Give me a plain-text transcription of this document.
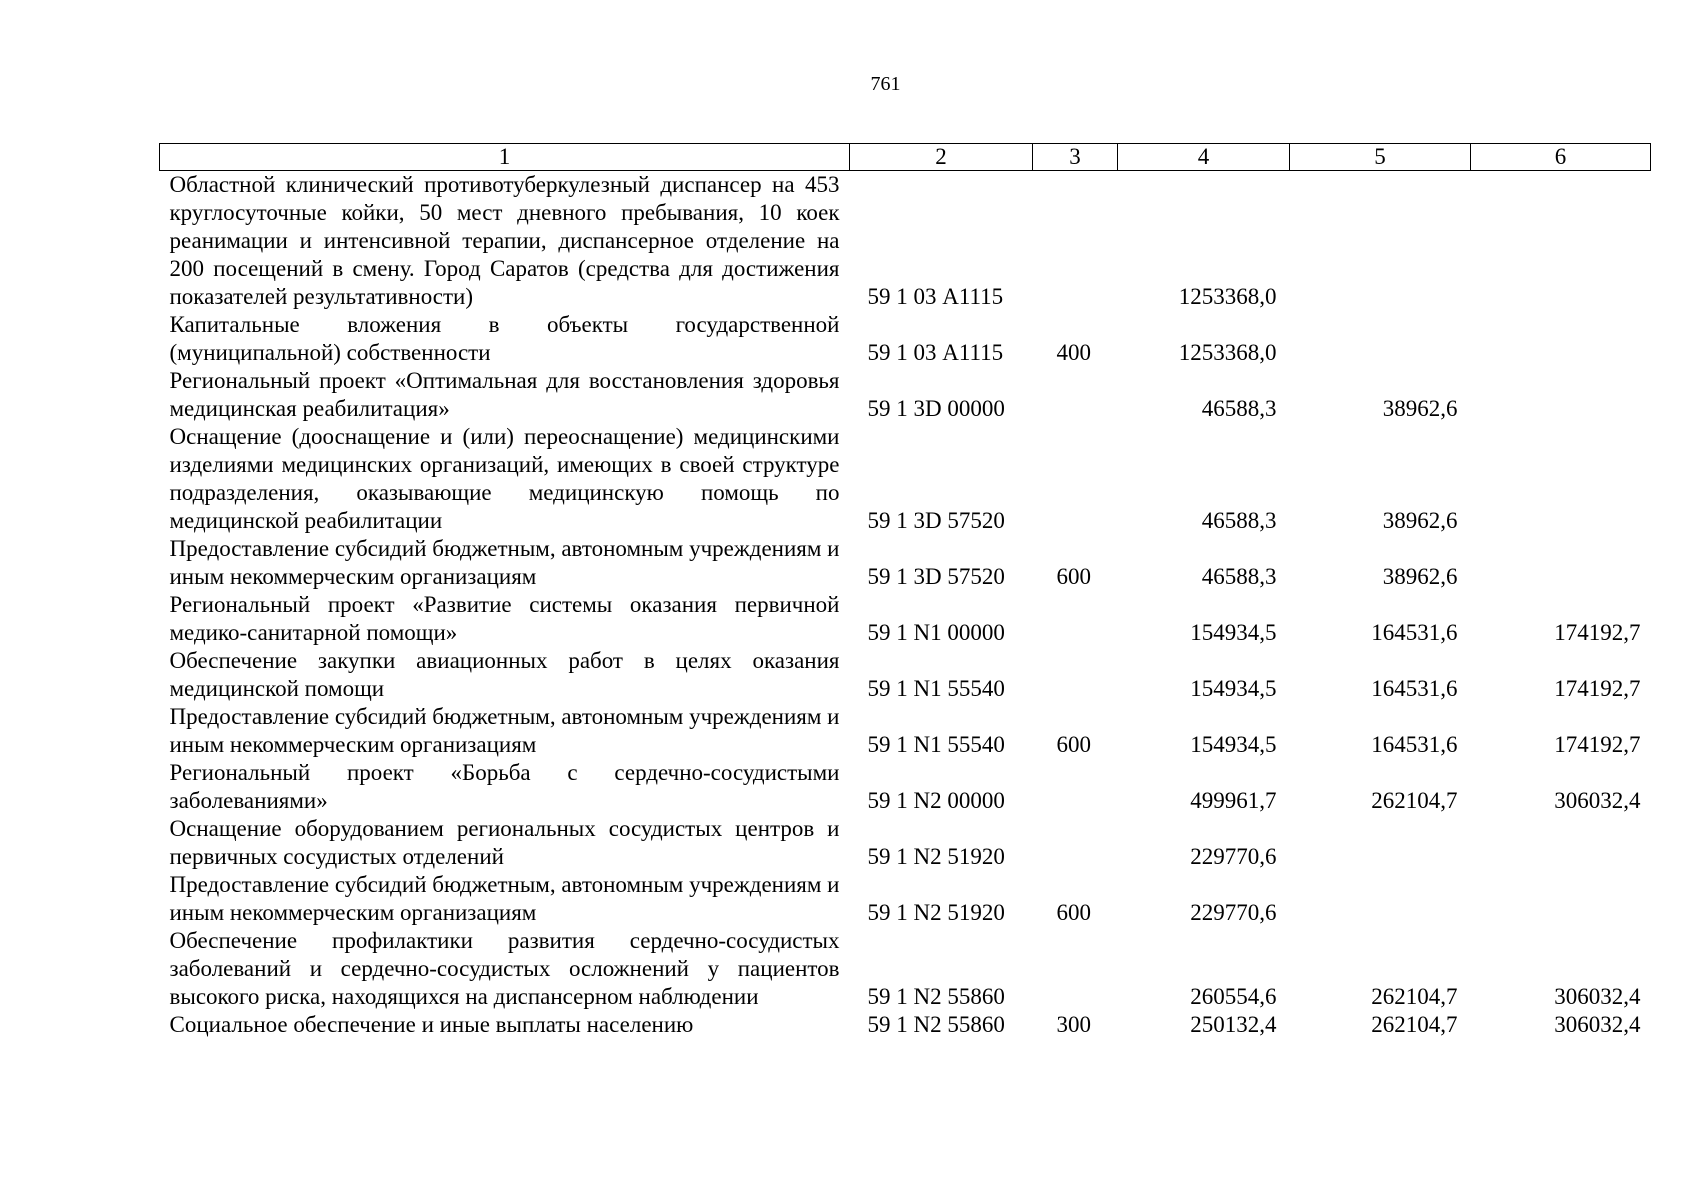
761
1	2	3	4	5	6
Областной клинический противотуберкулезный диспансер на 453 круглосуточные койки, 50 мест дневного пребывания, 10 коек реанимации и интенсивной терапии, диспансерное отделение на 200 посещений в смену. Город Саратов (средства для достижения показателей результативности)	59 1 03 А1115		1253368,0		
Капитальные вложения в объекты государственной (муниципальной) собственности	59 1 03 А1115	400	1253368,0		
Региональный проект «Оптимальная для восстановления здоровья медицинская реабилитация»	59 1 3D 00000		46588,3	38962,6	
Оснащение (дооснащение и (или) переоснащение) медицинскими изделиями медицинских организаций, имеющих в своей структуре подразделения, оказывающие медицинскую помощь по медицинской реабилитации	59 1 3D 57520		46588,3	38962,6	
Предоставление субсидий бюджетным, автономным учреждениям и иным некоммерческим организациям	59 1 3D 57520	600	46588,3	38962,6	
Региональный проект «Развитие системы оказания первичной медико-санитарной помощи»	59 1 N1 00000		154934,5	164531,6	174192,7
Обеспечение закупки авиационных работ в целях оказания медицинской помощи	59 1 N1 55540		154934,5	164531,6	174192,7
Предоставление субсидий бюджетным, автономным учреждениям и иным некоммерческим организациям	59 1 N1 55540	600	154934,5	164531,6	174192,7
Региональный проект «Борьба с сердечно-сосудистыми заболеваниями»	59 1 N2 00000		499961,7	262104,7	306032,4
Оснащение оборудованием региональных сосудистых центров и первичных сосудистых отделений	59 1 N2 51920		229770,6		
Предоставление субсидий бюджетным, автономным учреждениям и иным некоммерческим организациям	59 1 N2 51920	600	229770,6		
Обеспечение профилактики развития сердечно-сосудистых заболеваний и сердечно-сосудистых осложнений у пациентов высокого риска, находящихся на диспансерном наблюдении	59 1 N2 55860		260554,6	262104,7	306032,4
Социальное обеспечение и иные выплаты населению	59 1 N2 55860	300	250132,4	262104,7	306032,4
